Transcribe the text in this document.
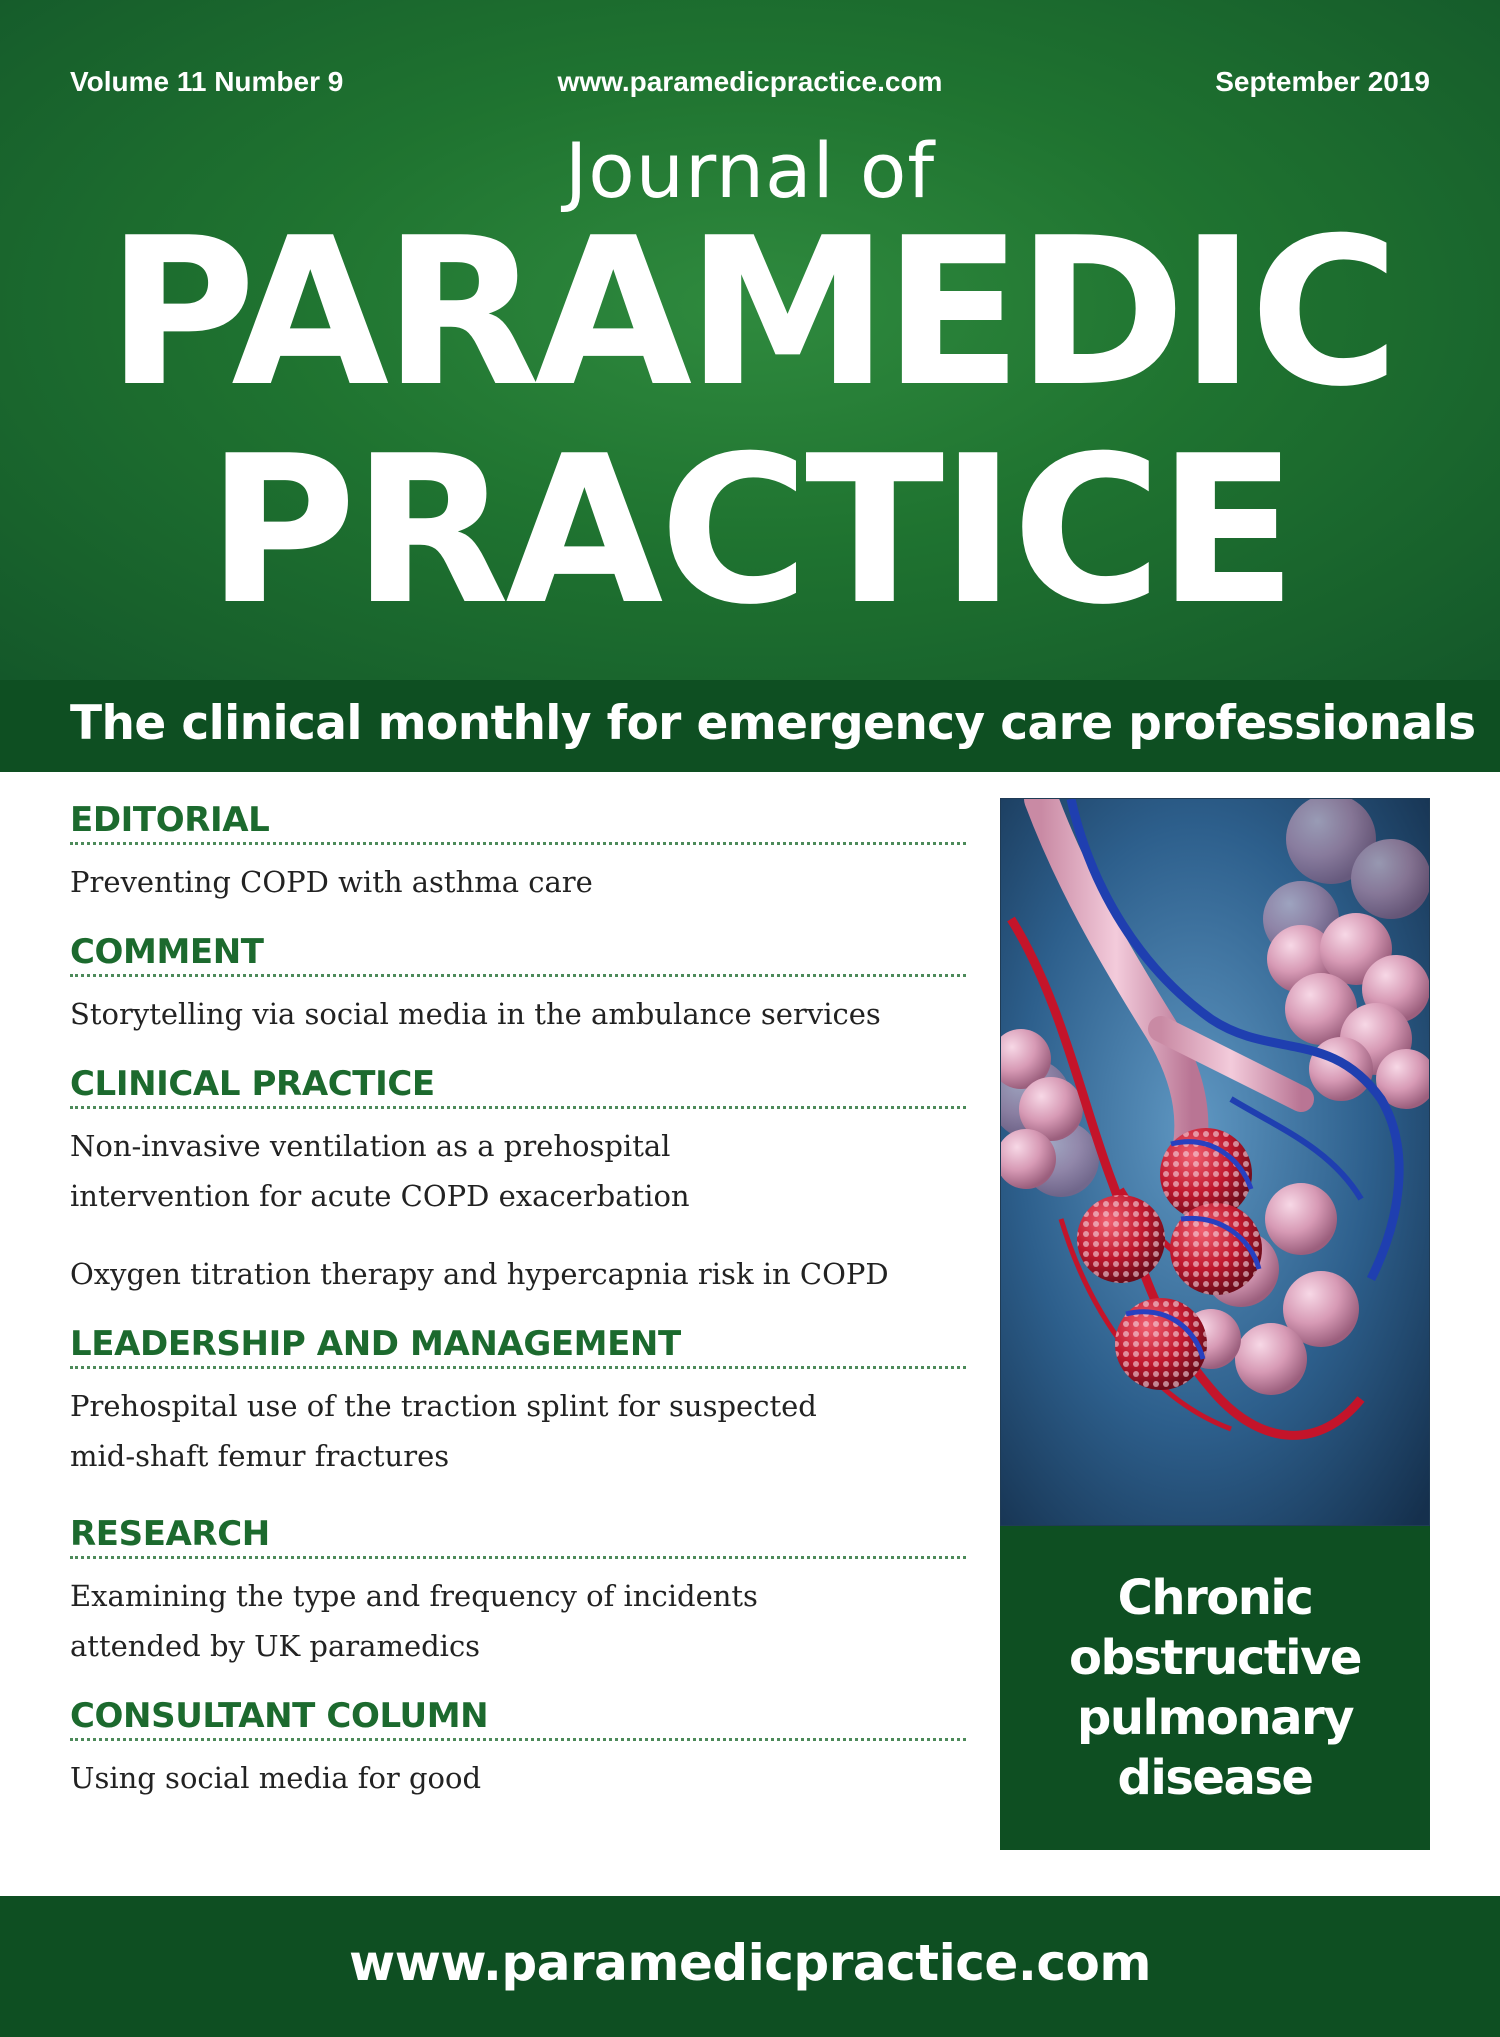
Volume 11 Number 9	www.paramedicpractice.com	September 2019
Journal of
PARAMEDIC
PRACTICE
The clinical monthly for emergency care professionals
EDITORIAL
Preventing COPD with asthma care
COMMENT
Storytelling via social media in the ambulance services
CLINICAL PRACTICE
Non-invasive ventilation as a prehospital
intervention for acute COPD exacerbation
Oxygen titration therapy and hypercapnia risk in COPD
LEADERSHIP AND MANAGEMENT
Prehospital use of the traction splint for suspected
mid-shaft femur fractures
RESEARCH
Examining the type and frequency of incidents
attended by UK paramedics
CONSULTANT COLUMN
Using social media for good
Chronic
obstructive
pulmonary
disease
www.paramedicpractice.com
